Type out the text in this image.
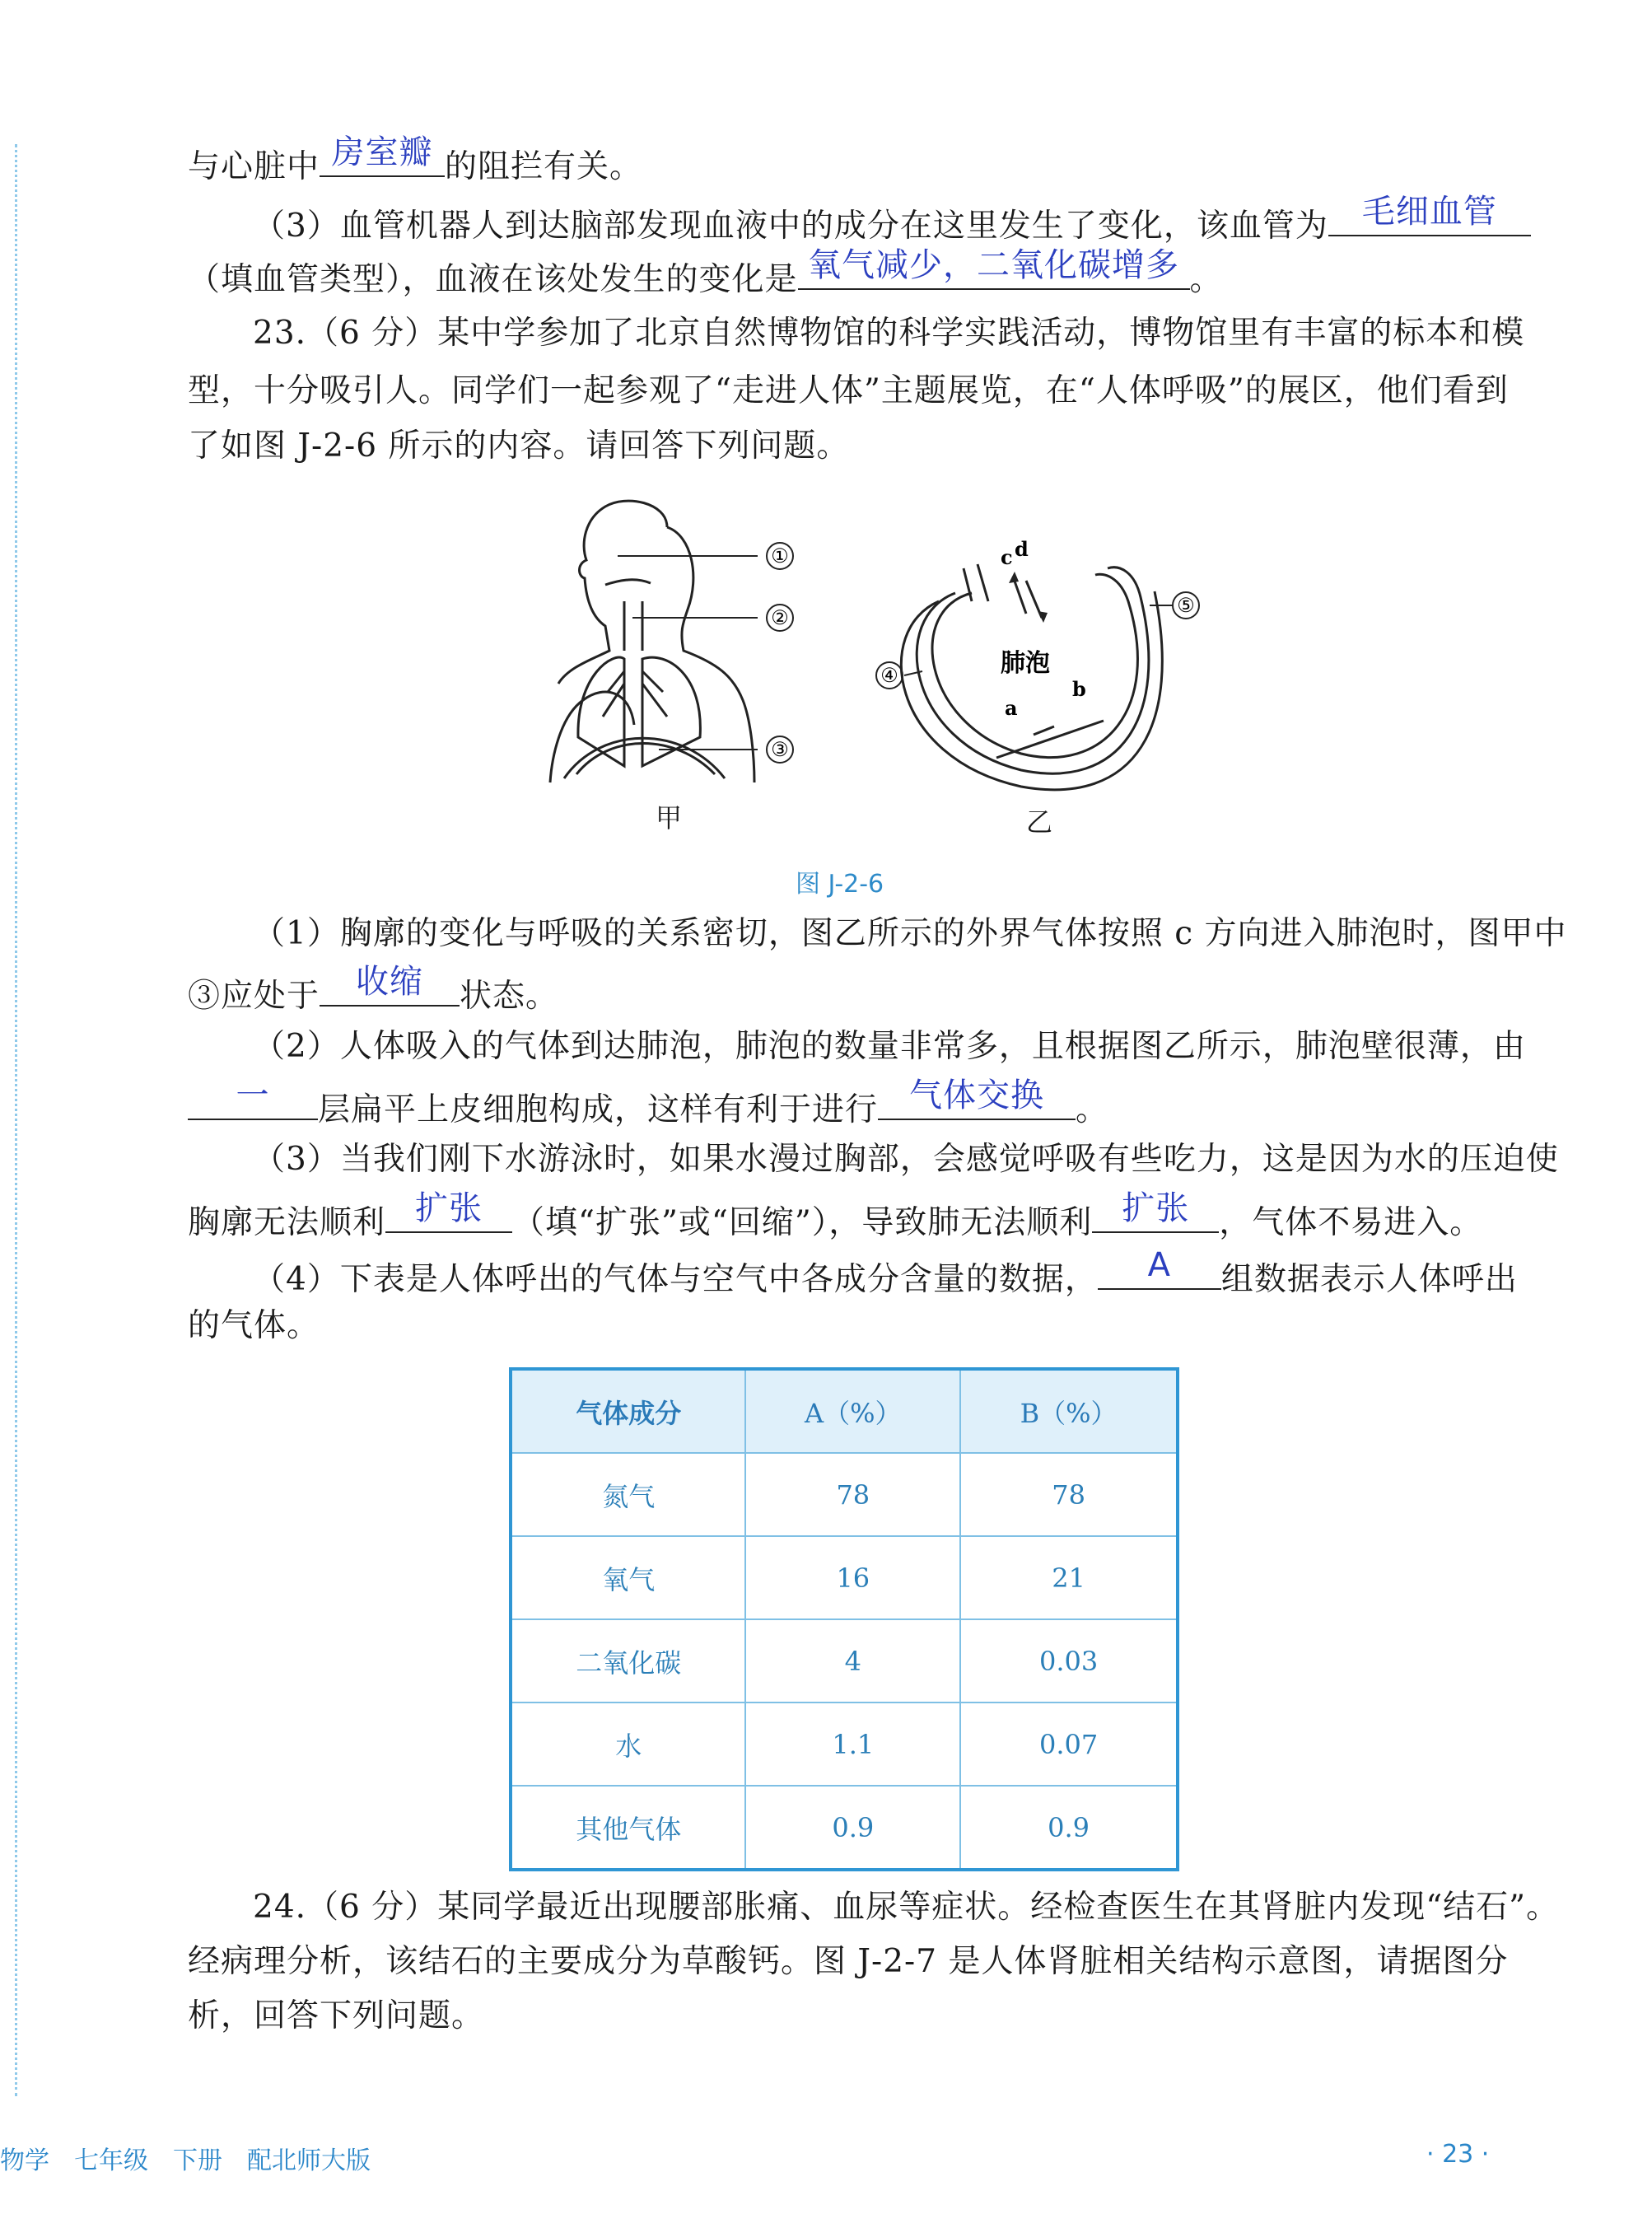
与心脏中 房室瓣 的阻拦有关。
（3）血管机器人到达脑部发现血液中的成分在这里发生了变化，该血管为	毛细血管
（填血管类型），血液在该处发生的变化是 氧气减少，二氧化碳增多 。
23.（6 分）某中学参加了北京自然博物馆的科学实践活动，博物馆里有丰富的标本和模
型，十分吸引人。同学们一起参观了“走进人体”主题展览，在“人体呼吸”的展区，他们看到
了如图 J-2-6 所示的内容。请回答下列问题。
①
②
③
⑤
④	肺泡
c d
a
b
甲	乙
图 J-2-6
（1）胸廓的变化与呼吸的关系密切，图乙所示的外界气体按照 c 方向进入肺泡时，图甲中
③应处于	收缩	状态。
（2）人体吸入的气体到达肺泡，肺泡的数量非常多，且根据图乙所示，肺泡壁很薄，由
一	层扁平上皮细胞构成，这样有利于进行 气体交换 。
（3）当我们刚下水游泳时，如果水漫过胸部，会感觉呼吸有些吃力，这是因为水的压迫使
胸廓无法顺利 扩张 （填“扩张”或“回缩”），导致肺无法顺利 扩张 ，气体不易进入。
（4）下表是人体呼出的气体与空气中各成分含量的数据，	A	组数据表示人体呼出
的气体。
气体成分	A（%）	B（%）
氮气	78	78
氧气	16	21
二氧化碳	4	0.03
水	1.1	0.07
其他气体	0.9	0.9
24.（6 分）某同学最近出现腰部胀痛、血尿等症状。经检查医生在其肾脏内发现“结石”。
经病理分析，该结石的主要成分为草酸钙。图 J-2-7 是人体肾脏相关结构示意图，请据图分
析，回答下列问题。
物学　七年级　下册　配北师大版	· 23 ·
